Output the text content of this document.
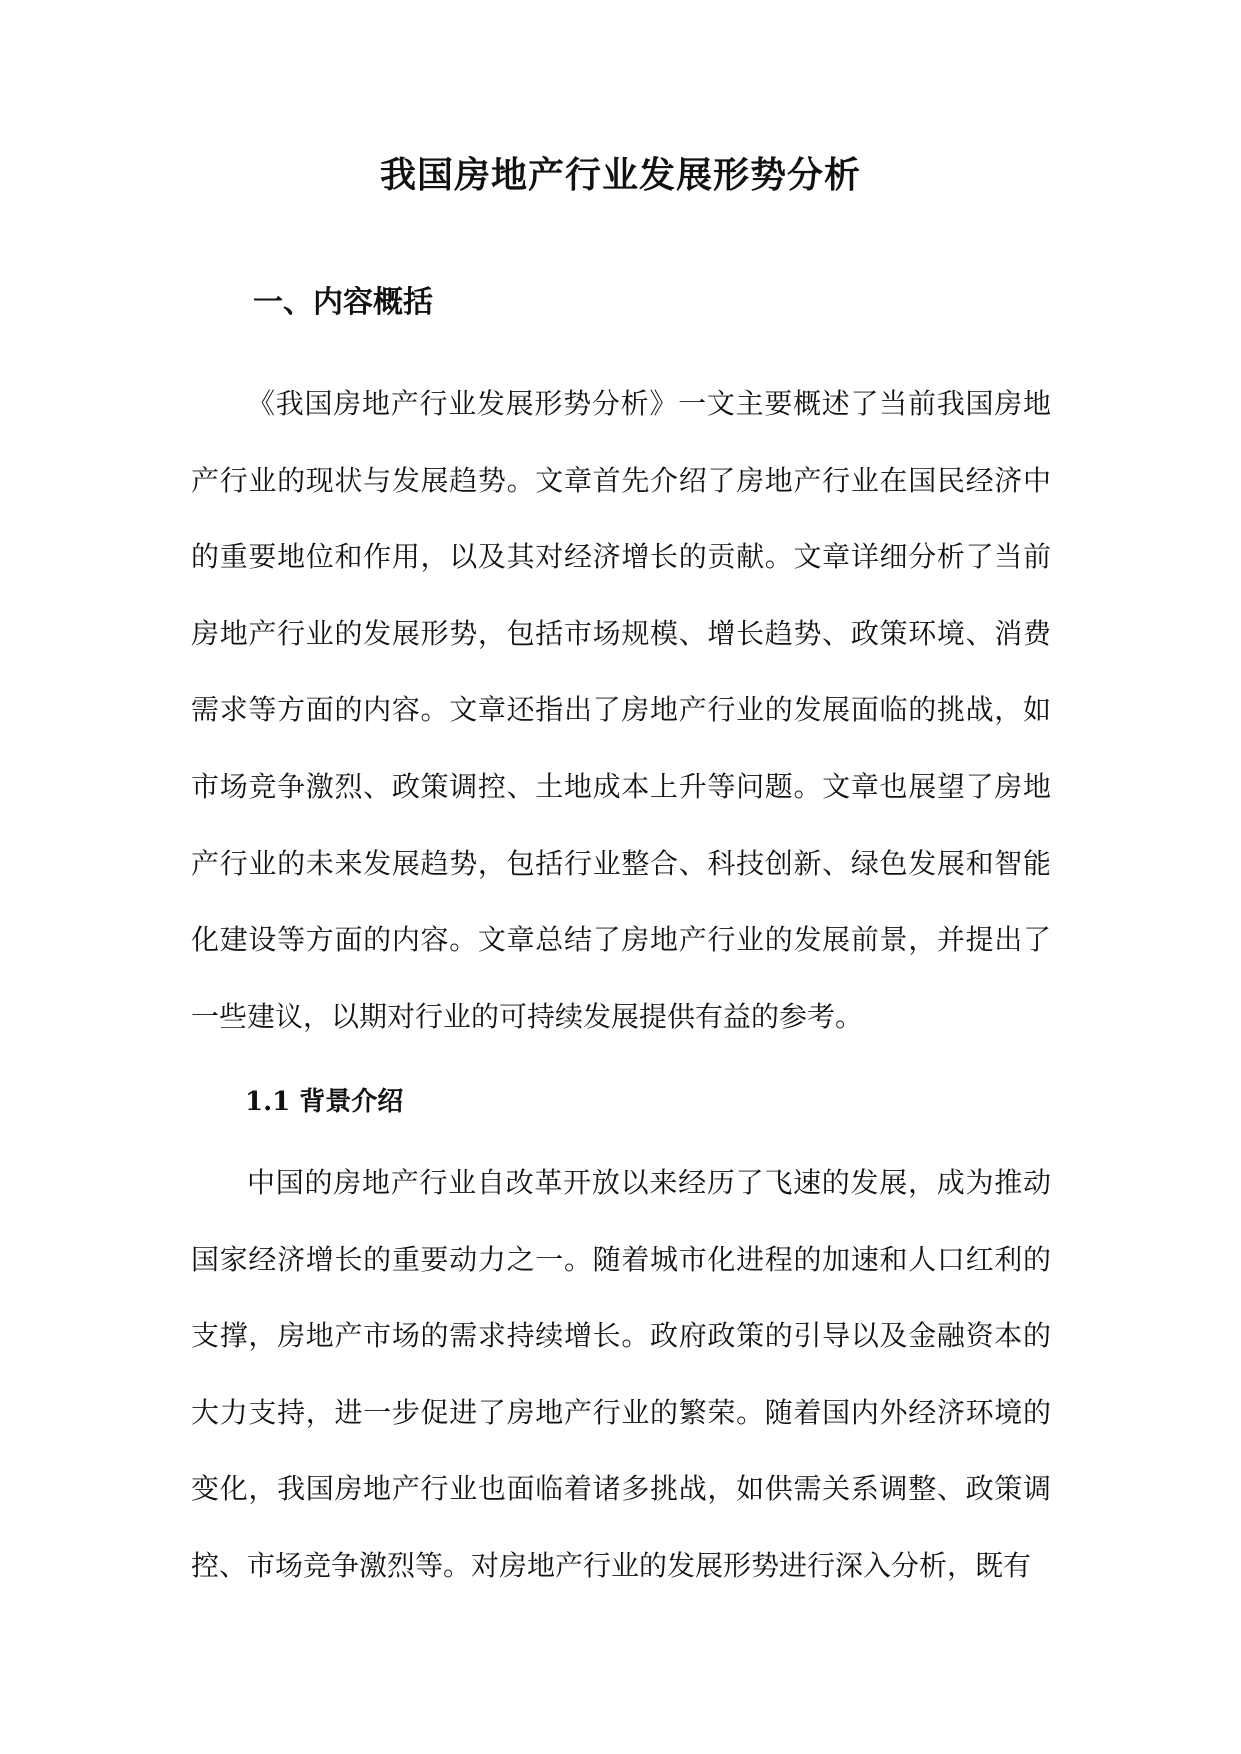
我国房地产行业发展形势分析
一、内容概括

《我国房地产行业发展形势分析》一文主要概述了当前我国房地产行业的现状与发展趋势。文章首先介绍了房地产行业在国民经济中的重要地位和作用，以及其对经济增长的贡献。文章详细分析了当前房地产行业的发展形势，包括市场规模、增长趋势、政策环境、消费需求等方面的内容。文章还指出了房地产行业的发展面临的挑战，如市场竞争激烈、政策调控、土地成本上升等问题。文章也展望了房地产行业的未来发展趋势，包括行业整合、科技创新、绿色发展和智能化建设等方面的内容。文章总结了房地产行业的发展前景，并提出了一些建议，以期对行业的可持续发展提供有益的参考。

1.1 背景介绍

中国的房地产行业自改革开放以来经历了飞速的发展，成为推动国家经济增长的重要动力之一。随着城市化进程的加速和人口红利的支撑，房地产市场的需求持续增长。政府政策的引导以及金融资本的大力支持，进一步促进了房地产行业的繁荣。随着国内外经济环境的变化，我国房地产行业也面临着诸多挑战，如供需关系调整、政策调控、市场竞争激烈等。对房地产行业的发展形势进行深入分析，既有
